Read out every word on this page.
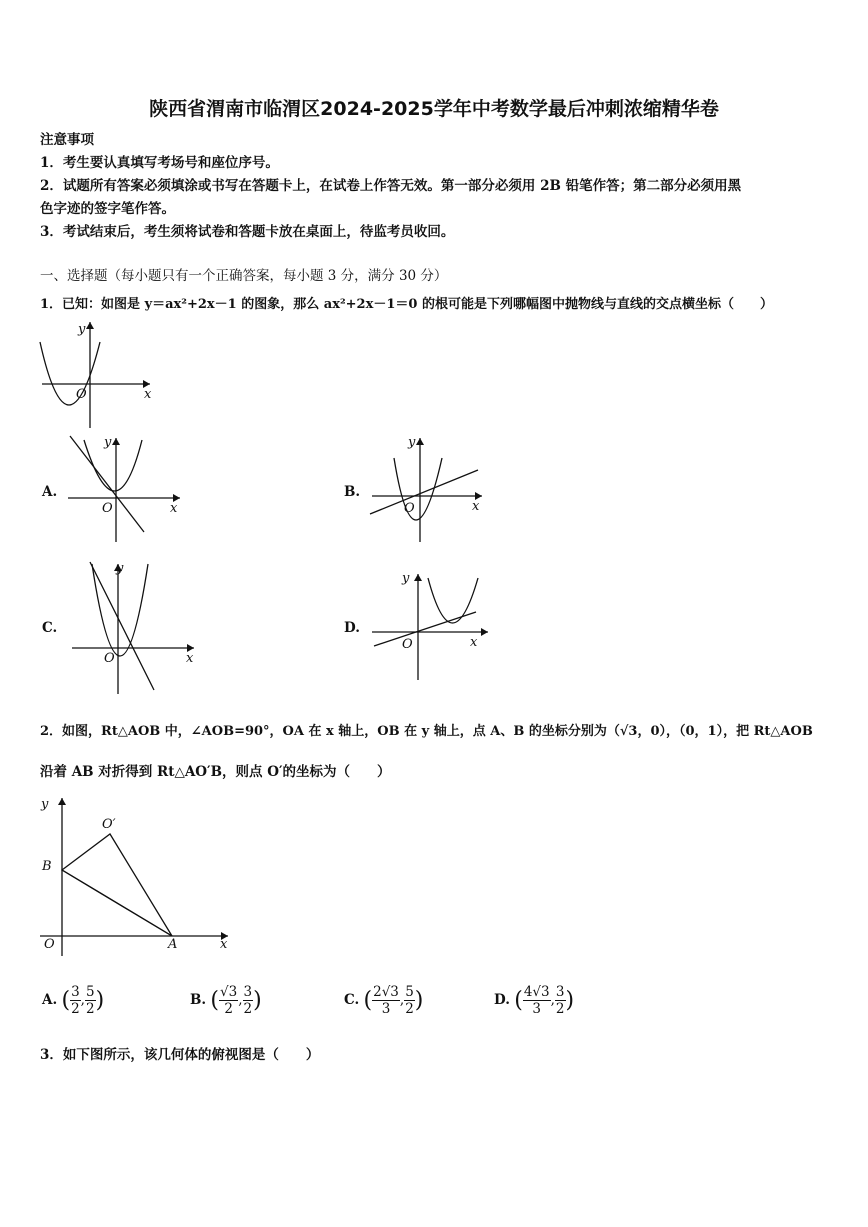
陕西省渭南市临渭区2024-2025学年中考数学最后冲刺浓缩精华卷
注意事项
1．考生要认真填写考场号和座位序号。
2．试题所有答案必须填涂或书写在答题卡上，在试卷上作答无效。第一部分必须用 2B 铅笔作答；第二部分必须用黑
色字迹的签字笔作答。
3．考试结束后，考生须将试卷和答题卡放在桌面上，待监考员收回。
一、选择题（每小题只有一个正确答案，每小题 3 分，满分 30 分）
1．已知：如图是 y＝ax²+2x－1 的图象，那么 ax²+2x－1＝0 的根可能是下列哪幅图中抛物线与直线的交点横坐标（　　）
y
x
O
A.
y
x
O
B.
y
x
O
C.
y
x
O
D.
y
x
O
2．如图，Rt△AOB 中，∠AOB=90°，OA 在 x 轴上，OB 在 y 轴上，点 A、B 的坐标分别为（√3，0），（0，1），把 Rt△AOB
沿着 AB 对折得到 Rt△AO′B，则点 O′的坐标为（　　）
y
x
O	A
B
O′
A. ( $\frac{3}{2}$ , $\frac{5}{2}$ )	B. ( $\frac{√3}{2}$ , $\frac{3}{2}$ )	C. ( $\frac{2√3}{3}$ , $\frac{5}{2}$ )	D. ( $\frac{4√3}{3}$ , $\frac{3}{2}$ )
3．如下图所示，该几何体的俯视图是（　　）
